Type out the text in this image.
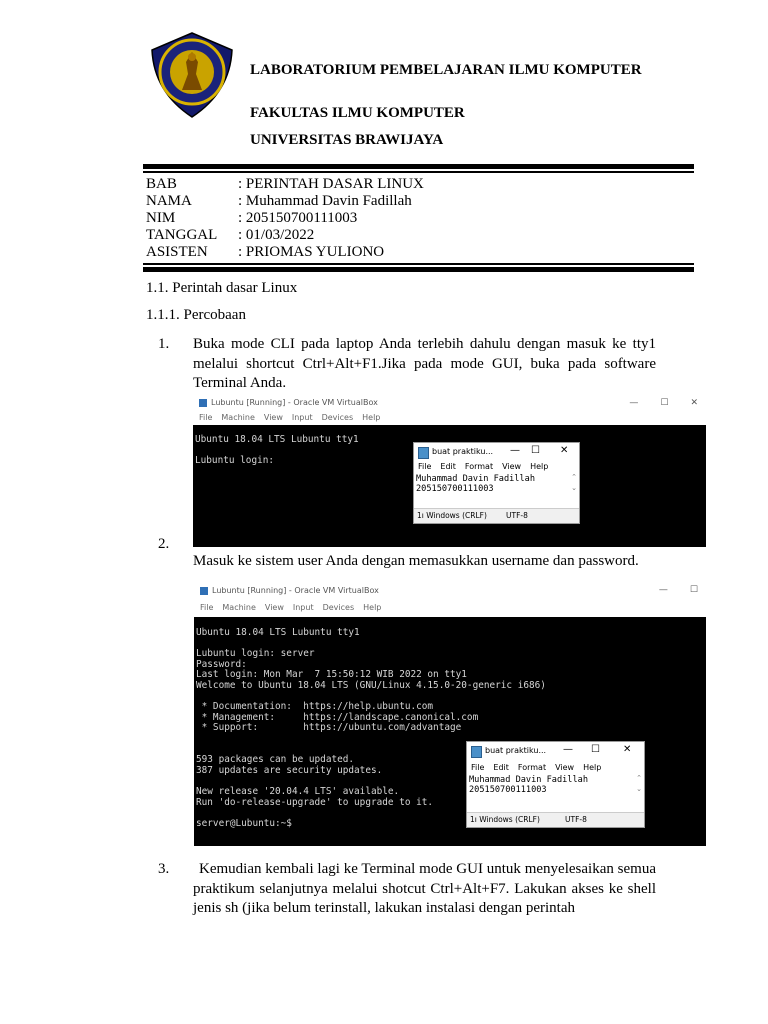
LABORATORIUM PEMBELAJARAN ILMU KOMPUTER
FAKULTAS ILMU KOMPUTER
UNIVERSITAS BRAWIJAYA
BAB	: PERINTAH DASAR LINUX
NAMA	: Muhammad Davin Fadillah
NIM	: 205150700111003
TANGGAL : 01/03/2022
ASISTEN : PRIOMAS YULIONO
1.1. Perintah dasar Linux
1.1.1. Percobaan
1. Buka mode CLI pada laptop Anda terlebih dahulu dengan masuk ke tty1 melalui shortcut Ctrl+Alt+F1.Jika pada mode GUI, buka pada software Terminal Anda.
Lubuntu [Running] - Oracle VM VirtualBox	— ☐ ✕
File Machine View Input Devices Help
Ubuntu 18.04 LTS Lubuntu tty1

Lubuntu login:
buat praktiku... — ☐ ✕
File Edit Format View Help
Muhammad Davin Fadillah
205150700111003
⌃
⌄
1ı Windows (CRLF)	UTF-8
2.
Masuk ke sistem user Anda dengan memasukkan username dan password.
Lubuntu [Running] - Oracle VM VirtualBox	— ☐
File Machine View Input Devices Help
Ubuntu 18.04 LTS Lubuntu tty1

Lubuntu login: server
Password:
Last login: Mon Mar  7 15:50:12 WIB 2022 on tty1
Welcome to Ubuntu 18.04 LTS (GNU/Linux 4.15.0-20-generic i686)

* Documentation:  https://help.ubuntu.com
* Management:     https://landscape.canonical.com
* Support:        https://ubuntu.com/advantage

593 packages can be updated.
387 updates are security updates.

New release '20.04.4 LTS' available.
Run 'do-release-upgrade' to upgrade to it.

server@Lubuntu:~$
buat praktiku... — ☐ ✕
File Edit Format View Help
Muhammad Davin Fadillah
205150700111003
⌃
⌄
1ı Windows (CRLF)	UTF-8
3.	Kemudian kembali lagi ke Terminal mode GUI untuk menyelesaikan semua praktikum selanjutnya melalui shotcut Ctrl+Alt+F7. Lakukan akses ke shell jenis sh (jika belum terinstall, lakukan instalasi dengan perintah
